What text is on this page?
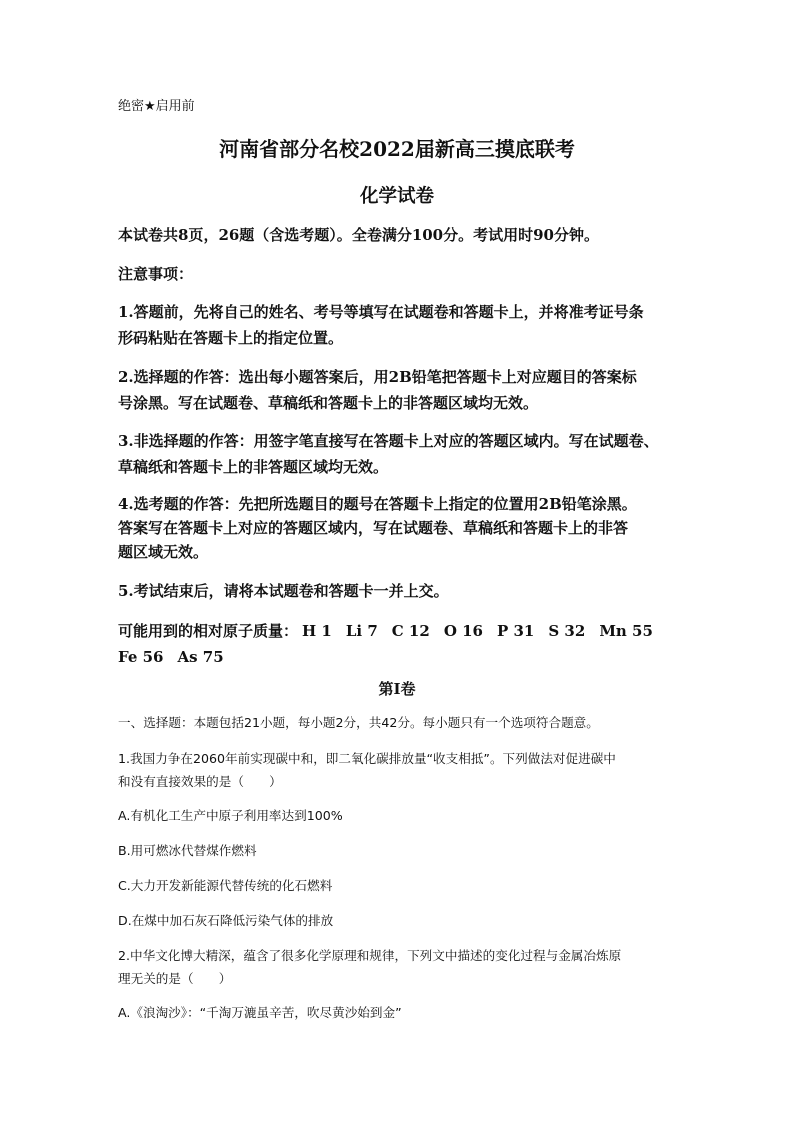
绝密★启用前
河南省部分名校2022届新高三摸底联考
化学试卷
本试卷共8页，26题（含选考题）。全卷满分100分。考试用时90分钟。
注意事项：
1.答题前，先将自己的姓名、考号等填写在试题卷和答题卡上，并将准考证号条
形码粘贴在答题卡上的指定位置。
2.选择题的作答：选出每小题答案后，用2B铅笔把答题卡上对应题目的答案标
号涂黑。写在试题卷、草稿纸和答题卡上的非答题区域均无效。
3.非选择题的作答：用签字笔直接写在答题卡上对应的答题区域内。写在试题卷、
草稿纸和答题卡上的非答题区域均无效。
4.选考题的作答：先把所选题目的题号在答题卡上指定的位置用2B铅笔涂黑。
答案写在答题卡上对应的答题区域内，写在试题卷、草稿纸和答题卡上的非答
题区域无效。
5.考试结束后，请将本试题卷和答题卡一并上交。
可能用到的相对原子质量： H 1 Li 7 C 12 O 16 P 31 S 32 Mn 55Fe 56 As 75
第Ⅰ卷
一、选择题：本题包括21小题，每小题2分，共42分。每小题只有一个选项符合题意。
1.我国力争在2060年前实现碳中和，即二氧化碳排放量“收支相抵”。下列做法对促进碳中
和没有直接效果的是（　　）
A.有机化工生产中原子利用率达到100%
B.用可燃冰代替煤作燃料
C.大力开发新能源代替传统的化石燃料
D.在煤中加石灰石降低污染气体的排放
2.中华文化博大精深，蕴含了很多化学原理和规律，下列文中描述的变化过程与金属冶炼原
理无关的是（　　）
A.《浪淘沙》：“千淘万漉虽辛苦，吹尽黄沙始到金”
